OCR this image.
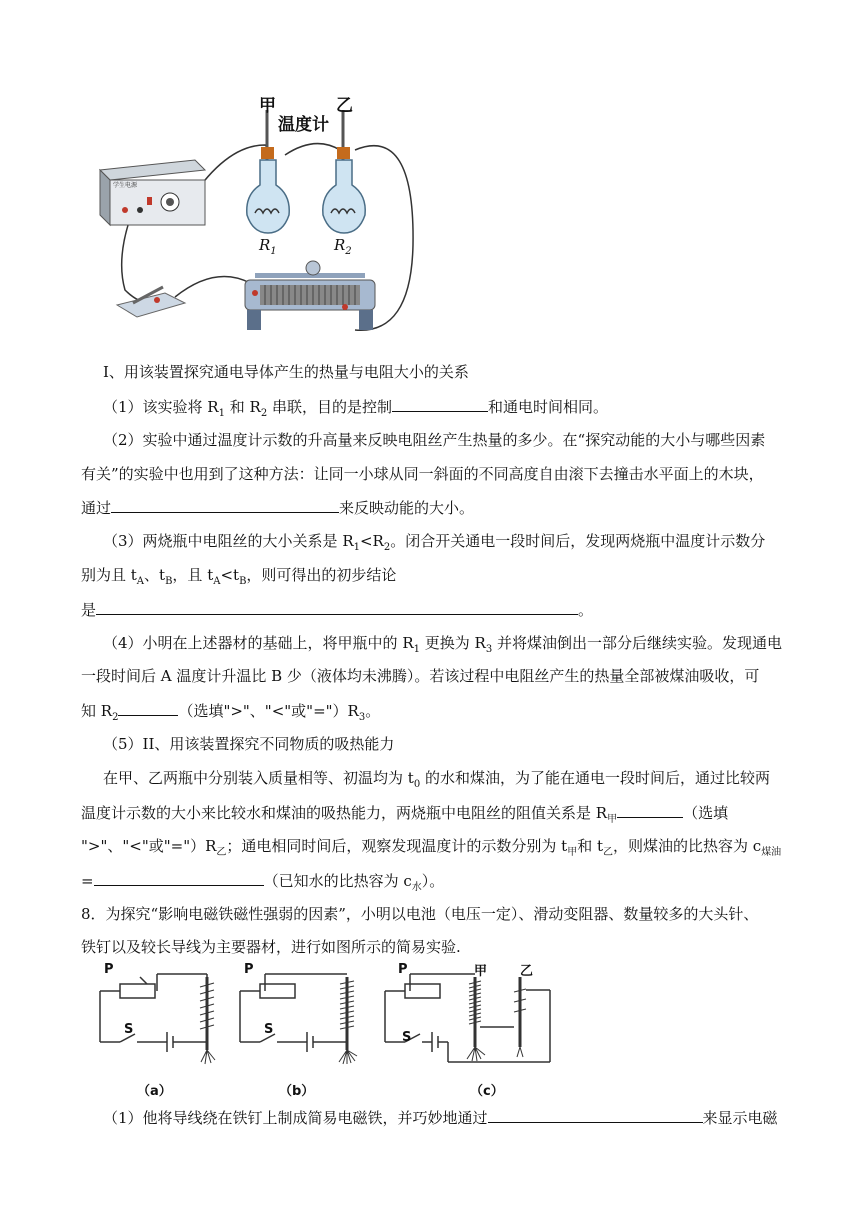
甲	乙
温度计
学生电源
$R_1$	$R_2$
I、用该装置探究通电导体产生的热量与电阻大小的关系
（1）该实验将 $R_1$ 和 $R_2$ 串联，目的是控制	和通电时间相同。
（2）实验中通过温度计示数的升高量来反映电阻丝产生热量的多少。在“探究动能的大小与哪些因素
有关”的实验中也用到了这种方法：让同一小球从同一斜面的不同高度自由滚下去撞击水平面上的木块，
通过	来反映动能的大小。
（3）两烧瓶中电阻丝的大小关系是 $R_1<R_2$。闭合开关通电一段时间后，发现两烧瓶中温度计示数分
别为且 $t_A$、$t_B$，且 $t_A<t_B$，则可得出的初步结论
是	。
（4）小明在上述器材的基础上，将甲瓶中的 $R_1$ 更换为 $R_3$ 并将煤油倒出一部分后继续实验。发现通电
一段时间后 A 温度计升温比 B 少（液体均未沸腾）。若该过程中电阻丝产生的热量全部被煤油吸收，可
知 $R_2$	（选填">"、"<"或"$=")R_3$。
（5）II、用该装置探究不同物质的吸热能力
在甲、乙两瓶中分别装入质量相等、初温均为 $t_0$ 的水和煤油，为了能在通电一段时间后，通过比较两
温度计示数的大小来比较水和煤油的吸热能力，两烧瓶中电阻丝的阻值关系是 $R_甲$	（选填
">"、"<"或"$=")R_乙$；通电相同时间后，观察发现温度计的示数分别为 $t_甲$和 $t_乙$，则煤油的比热容为 $c_{煤油}$
=	（已知水的比热容为 $c_水$）。
8．为探究“影响电磁铁磁性强弱的因素”，小明以电池（电压一定）、滑动变阻器、数量较多的大头针、
铁钉以及较长导线为主要器材，进行如图所示的简易实验.
P
S
P
S
P
S
甲	乙
（a）	（b）	（c）
（1）他将导线绕在铁钉上制成简易电磁铁，并巧妙地通过	来显示电磁
